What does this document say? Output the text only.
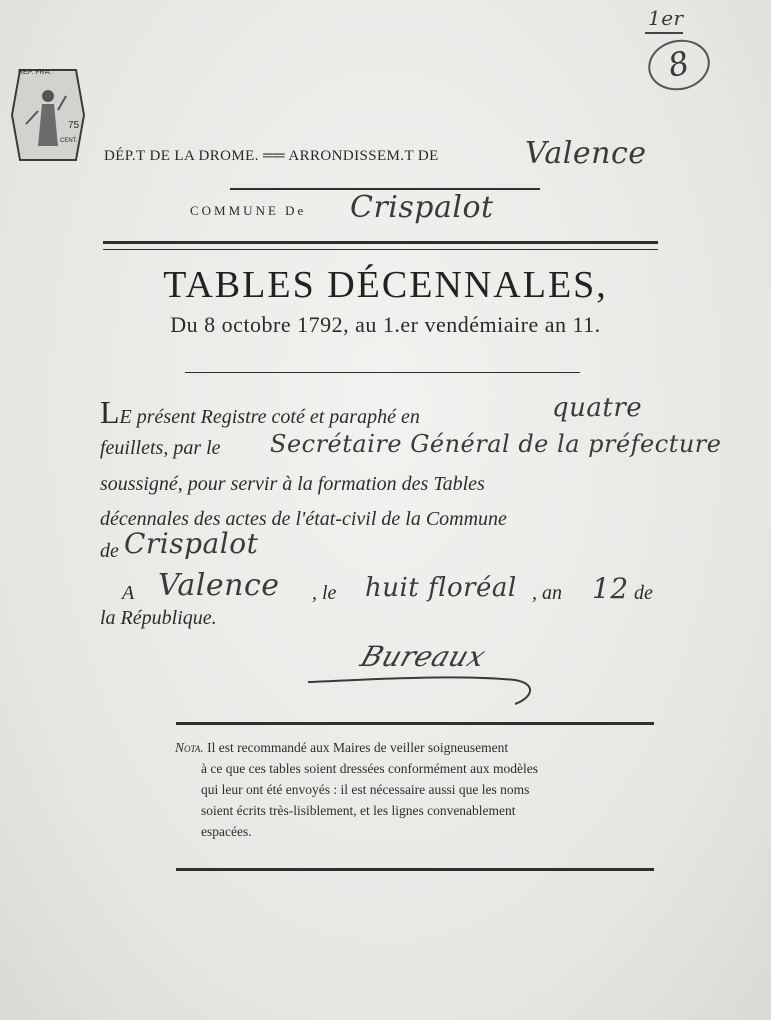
1er
8
REP. FRA.
75
CENT.
DÉP.T DE LA DROME. ══ ARRONDISSEM.T DE	Valence
COMMUNE De Crispalot
TABLES DÉCENNALES,
Du 8 octobre 1792, au 1.er vendémiaire an 11.
LE présent Registre coté et paraphé en	quatre
feuillets, par le Secrétaire Général de la préfecture
soussigné, pour servir à la formation des Tables
décennales des actes de l'état-civil de la Commune
de Crispalot
A Valence , le huit floréal , an 12 de
la République.
Bureaux
Nota. Il est recommandé aux Maires de veiller soigneusement
à ce que ces tables soient dressées conformément aux modèles
qui leur ont été envoyés : il est nécessaire aussi que les noms
soient écrits très-lisiblement, et les lignes convenablement
espacées.
